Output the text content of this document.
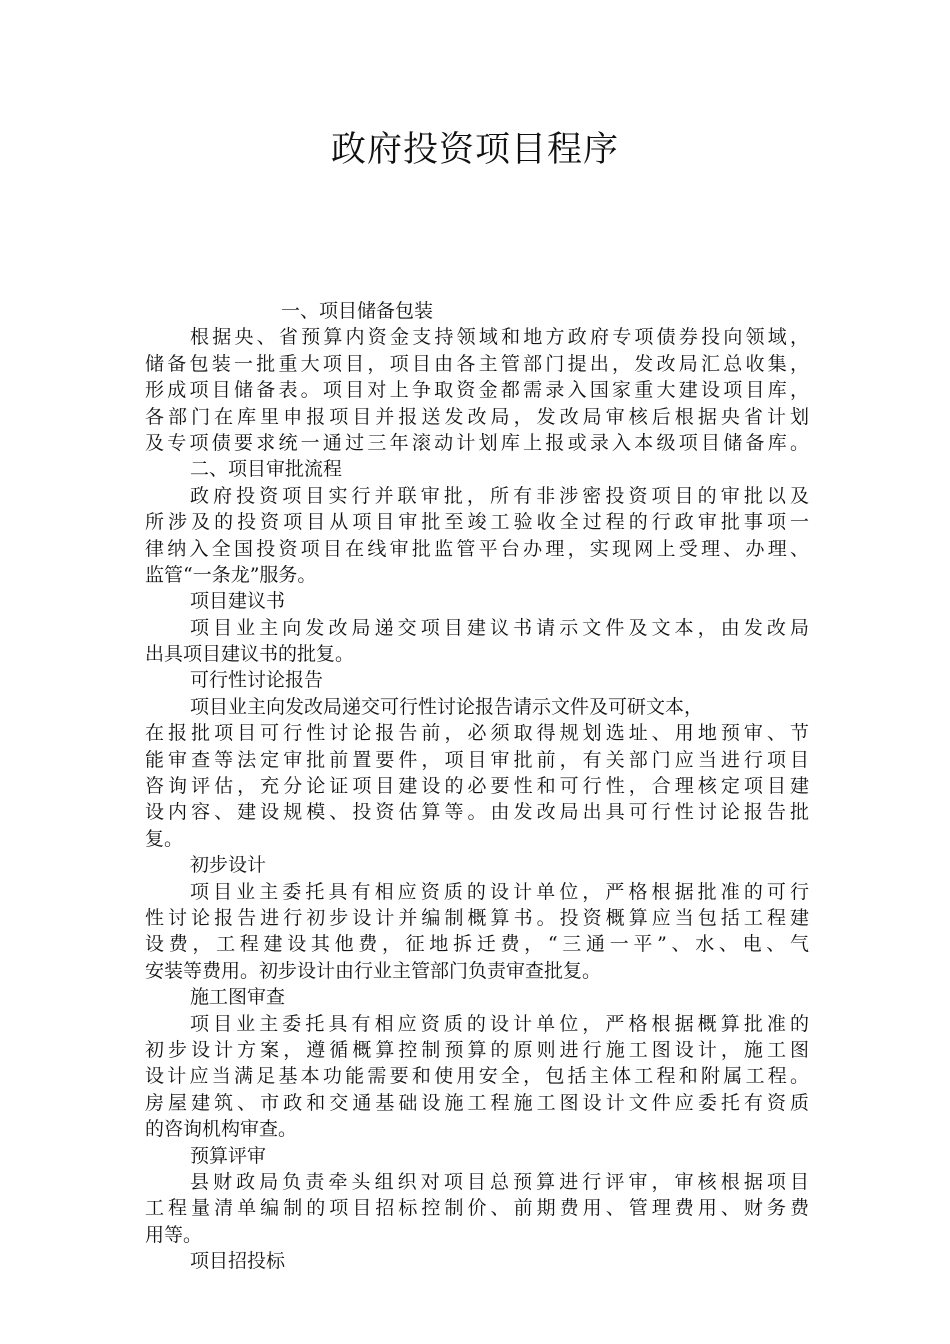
政府投资项目程序
一、项目储备包装
根据央、省预算内资金支持领域和地方政府专项债券投向领域，
储备包装一批重大项目，项目由各主管部门提出，发改局汇总收集，
形成项目储备表。项目对上争取资金都需录入国家重大建设项目库，
各部门在库里申报项目并报送发改局，发改局审核后根据央省计划
及专项债要求统一通过三年滚动计划库上报或录入本级项目储备库。
二、项目审批流程
政府投资项目实行并联审批，所有非涉密投资项目的审批以及
所涉及的投资项目从项目审批至竣工验收全过程的行政审批事项一
律纳入全国投资项目在线审批监管平台办理，实现网上受理、办理、
监管“一条龙”服务。
项目建议书
项目业主向发改局递交项目建议书请示文件及文本，由发改局
出具项目建议书的批复。
可行性讨论报告
项目业主向发改局递交可行性讨论报告请示文件及可研文本，
在报批项目可行性讨论报告前，必须取得规划选址、用地预审、节
能审查等法定审批前置要件，项目审批前，有关部门应当进行项目
咨询评估，充分论证项目建设的必要性和可行性，合理核定项目建
设内容、建设规模、投资估算等。由发改局出具可行性讨论报告批
复。
初步设计
项目业主委托具有相应资质的设计单位，严格根据批准的可行
性讨论报告进行初步设计并编制概算书。投资概算应当包括工程建
设费，工程建设其他费，征地拆迁费，“三通一平”、水、电、气
安装等费用。初步设计由行业主管部门负责审查批复。
施工图审查
项目业主委托具有相应资质的设计单位，严格根据概算批准的
初步设计方案，遵循概算控制预算的原则进行施工图设计，施工图
设计应当满足基本功能需要和使用安全，包括主体工程和附属工程。
房屋建筑、市政和交通基础设施工程施工图设计文件应委托有资质
的咨询机构审查。
预算评审
县财政局负责牵头组织对项目总预算进行评审，审核根据项目
工程量清单编制的项目招标控制价、前期费用、管理费用、财务费
用等。
项目招投标
